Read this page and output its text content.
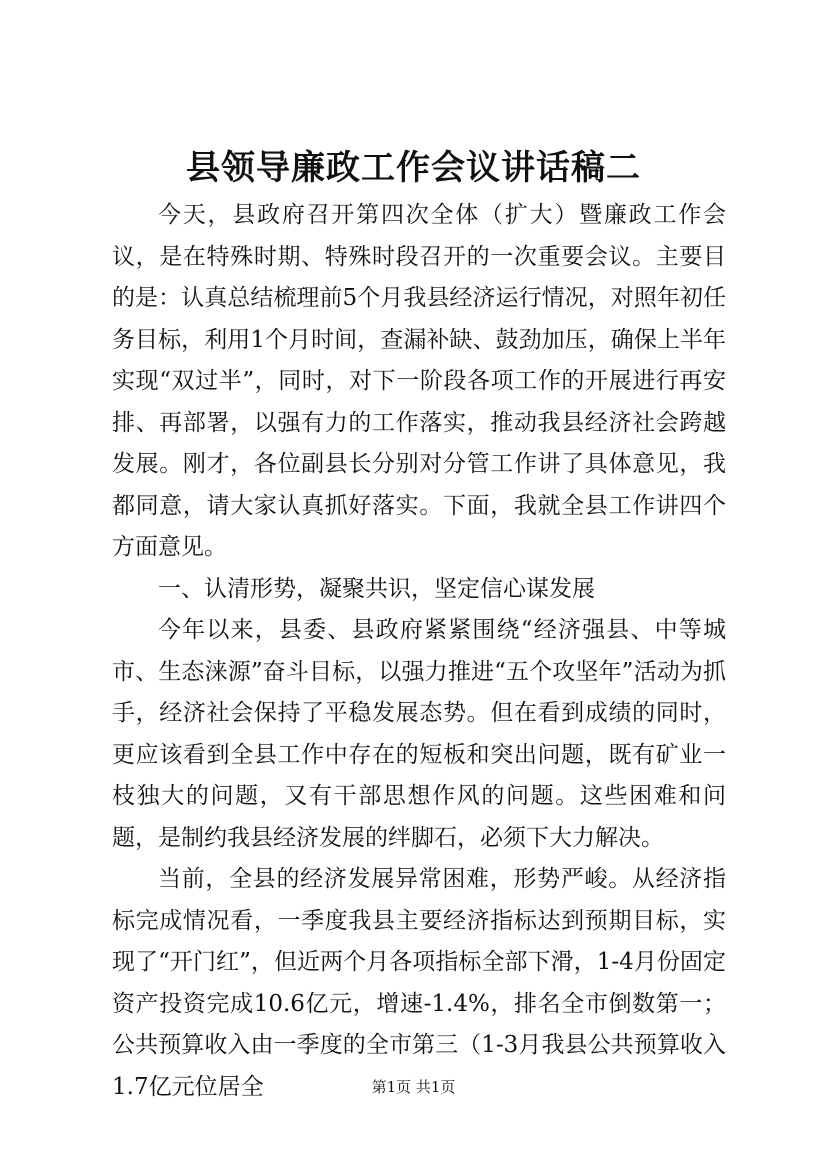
县领导廉政工作会议讲话稿二

今天，县政府召开第四次全体（扩大）暨廉政工作会议，是在特殊时期、特殊时段召开的一次重要会议。主要目的是：认真总结梳理前5个月我县经济运行情况，对照年初任务目标，利用1个月时间，查漏补缺、鼓劲加压，确保上半年实现“双过半”，同时，对下一阶段各项工作的开展进行再安排、再部署，以强有力的工作落实，推动我县经济社会跨越发展。刚才，各位副县长分别对分管工作讲了具体意见，我都同意，请大家认真抓好落实。下面，我就全县工作讲四个方面意见。

一、认清形势，凝聚共识，坚定信心谋发展

今年以来，县委、县政府紧紧围绕“经济强县、中等城市、生态涞源”奋斗目标，以强力推进“五个攻坚年”活动为抓手，经济社会保持了平稳发展态势。但在看到成绩的同时，更应该看到全县工作中存在的短板和突出问题，既有矿业一枝独大的问题，又有干部思想作风的问题。这些困难和问题，是制约我县经济发展的绊脚石，必须下大力解决。

当前，全县的经济发展异常困难，形势严峻。从经济指标完成情况看，一季度我县主要经济指标达到预期目标，实现了“开门红”，但近两个月各项指标全部下滑，1-4月份固定资产投资完成10.6亿元，增速-1.4%，排名全市倒数第一；公共预算收入由一季度的全市第三（1-3月我县公共预算收入1.7亿元位居全	第1页 共1页
